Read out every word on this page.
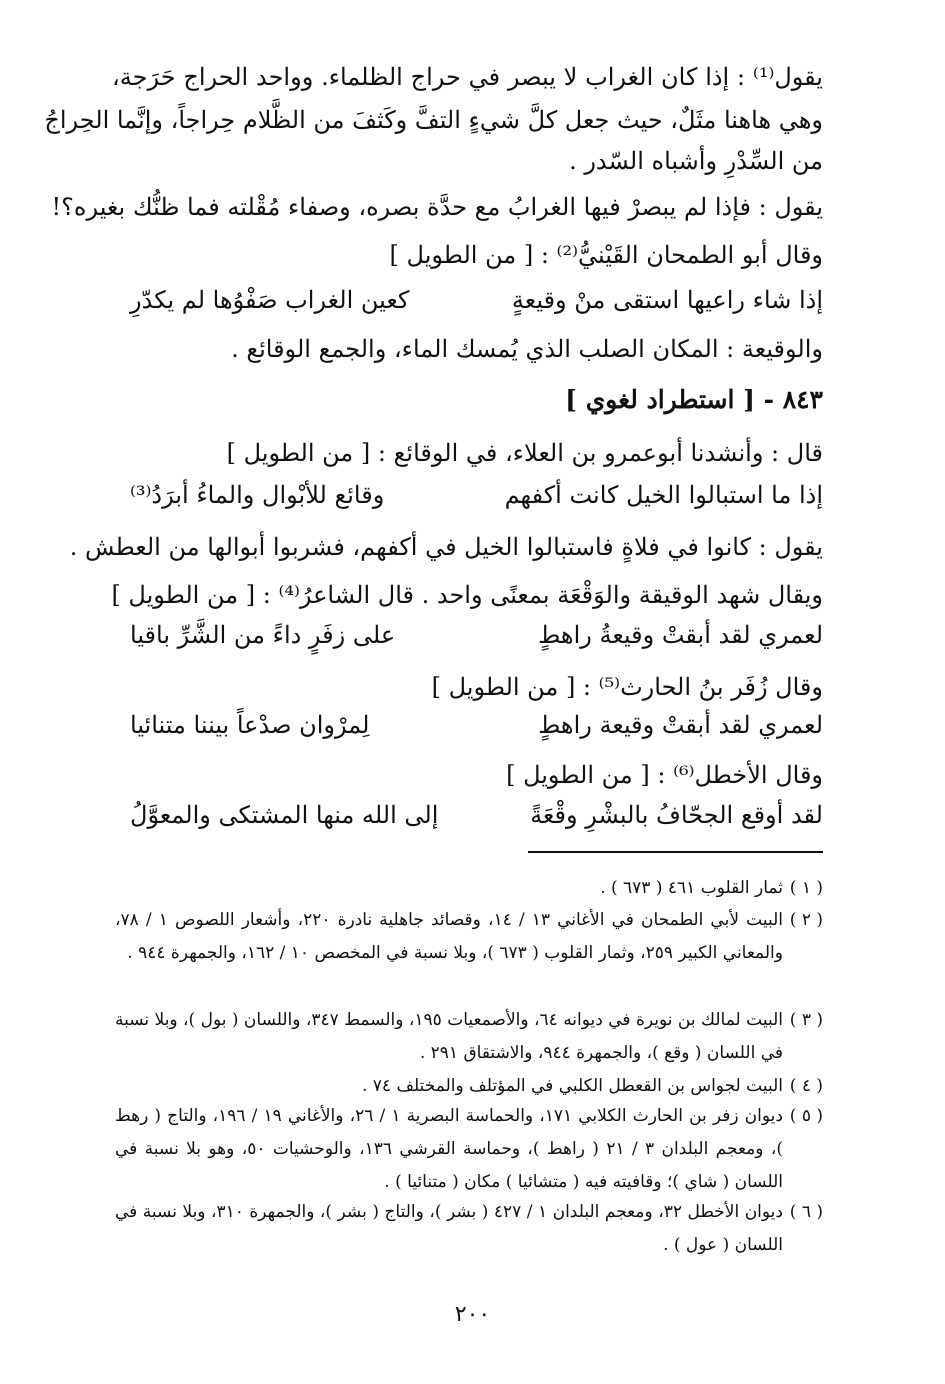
يقول⁽¹⁾ : إذا كان الغراب لا يبصر في حراج الظلماء. وواحد الحراج حَرَجة،
وهي هاهنا مثَلٌ، حيث جعل كلَّ شيءٍ التفَّ وكَثفَ من الظَّلام حِراجاً، وإنَّما الحِراجُ
من السِّدْرِ وأشباه السّدر .
يقول : فإذا لم يبصرْ فيها الغرابُ مع حدَّة بصره، وصفاء مُقْلته فما ظنُّك بغيره؟!
وقال أبو الطمحان القَيْنيُّ⁽²⁾ : [ من الطويل ]
إذا شاء راعيها استقى منْ وقيعةٍ
كعين الغراب صَفْوُها لم يكدّرِ
والوقيعة : المكان الصلب الذي يُمسك الماء، والجمع الوقائع .
٨٤٣ - [ استطراد لغوي ]
قال : وأنشدنا أبوعمرو بن العلاء، في الوقائع : [ من الطويل ]
إذا ما استبالوا الخيل كانت أكفهم
وقائع للأبْوال والماءُ أبرَدُ⁽³⁾
يقول : كانوا في فلاةٍ فاستبالوا الخيل في أكفهم، فشربوا أبوالها من العطش .
ويقال شهد الوقيقة والوَقْعَة بمعنًى واحد . قال الشاعرُ⁽⁴⁾ : [ من الطويل ]
لعمري لقد أبقتْ وقيعةُ راهطٍ
على زفَرٍ داءً من الشَّرِّ باقيا
وقال زُفَر بنُ الحارث⁽⁵⁾ : [ من الطويل ]
لعمري لقد أبقتْ وقيعة راهطٍ
لِمرْوان صدْعاً بيننا متنائيا
وقال الأخطل⁽⁶⁾ : [ من الطويل ]
لقد أوقع الجحّافُ بالبشْرِ وقْعَةً
إلى الله منها المشتكى والمعوَّلُ
( ١ )
ثمار القلوب ٤٦١ ( ٦٧٣ ) .
( ٢ )
البيت لأبي الطمحان في الأغاني ١٣ / ١٤، وقصائد جاهلية نادرة ٢٢٠، وأشعار اللصوص ١ / ٧٨، والمعاني الكبير ٢٥٩، وثمار القلوب ( ٦٧٣ )، وبلا نسبة في المخصص ١٠ / ١٦٢، والجمهرة ٩٤٤ .
( ٣ )
البيت لمالك بن نويرة في ديوانه ٦٤، والأصمعيات ١٩٥، والسمط ٣٤٧، واللسان ( بول )، وبلا نسبة في اللسان ( وقع )، والجمهرة ٩٤٤، والاشتقاق ٢٩١ .
( ٤ )
البيت لجواس بن القعطل الكلبي في المؤتلف والمختلف ٧٤ .
( ٥ )
ديوان زفر بن الحارث الكلابي ١٧١، والحماسة البصرية ١ / ٢٦، والأغاني ١٩ / ١٩٦، والتاج ( رهط )، ومعجم البلدان ٣ / ٢١ ( راهط )، وحماسة القرشي ١٣٦، والوحشيات ٥٠، وهو بلا نسبة في اللسان ( شاي )؛ وقافيته فيه ( متشائيا ) مكان ( متنائيا ) .
( ٦ )
ديوان الأخطل ٣٢، ومعجم البلدان ١ / ٤٢٧ ( بشر )، والتاج ( بشر )، والجمهرة ٣١٠، وبلا نسبة في اللسان ( عول ) .
٢٠٠
